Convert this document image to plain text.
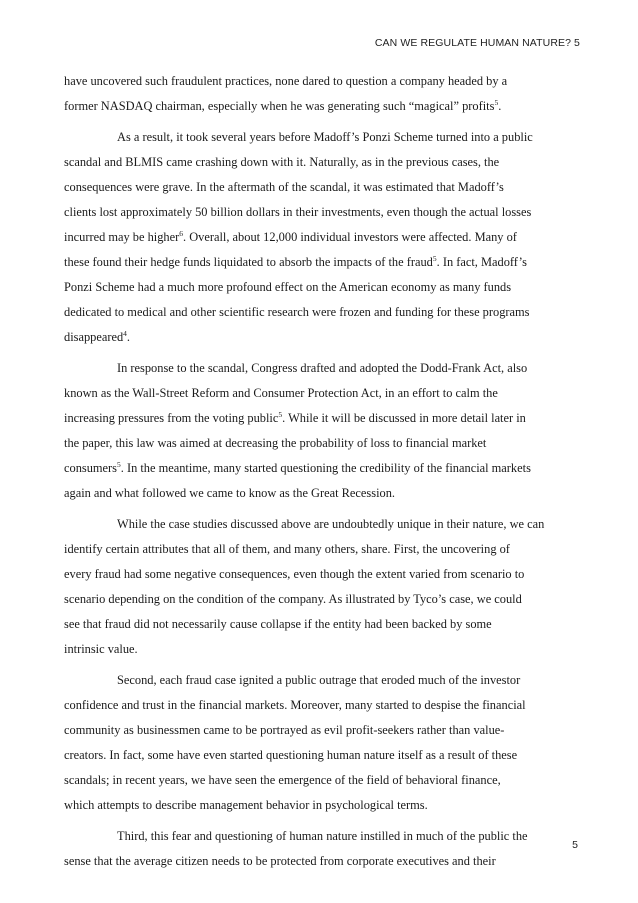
CAN WE REGULATE HUMAN NATURE? 5
have uncovered such fraudulent practices, none dared to question a company headed by a
former NASDAQ chairman, especially when he was generating such “magical” profits$^5$.
As a result, it took several years before Madoff’s Ponzi Scheme turned into a public
scandal and BLMIS came crashing down with it. Naturally, as in the previous cases, the
consequences were grave. In the aftermath of the scandal, it was estimated that Madoff’s
clients lost approximately 50 billion dollars in their investments, even though the actual losses
incurred may be higher$^6$. Overall, about 12,000 individual investors were affected. Many of
these found their hedge funds liquidated to absorb the impacts of the fraud$^5$. In fact, Madoff’s
Ponzi Scheme had a much more profound effect on the American economy as many funds
dedicated to medical and other scientific research were frozen and funding for these programs
disappeared$^4$.
In response to the scandal, Congress drafted and adopted the Dodd-Frank Act, also
known as the Wall-Street Reform and Consumer Protection Act, in an effort to calm the
increasing pressures from the voting public$^5$. While it will be discussed in more detail later in
the paper, this law was aimed at decreasing the probability of loss to financial market
consumers$^5$. In the meantime, many started questioning the credibility of the financial markets
again and what followed we came to know as the Great Recession.
While the case studies discussed above are undoubtedly unique in their nature, we can
identify certain attributes that all of them, and many others, share. First, the uncovering of
every fraud had some negative consequences, even though the extent varied from scenario to
scenario depending on the condition of the company. As illustrated by Tyco’s case, we could
see that fraud did not necessarily cause collapse if the entity had been backed by some
intrinsic value.
Second, each fraud case ignited a public outrage that eroded much of the investor
confidence and trust in the financial markets. Moreover, many started to despise the financial
community as businessmen came to be portrayed as evil profit-seekers rather than value-
creators. In fact, some have even started questioning human nature itself as a result of these
scandals; in recent years, we have seen the emergence of the field of behavioral finance,
which attempts to describe management behavior in psychological terms.
Third, this fear and questioning of human nature instilled in much of the public the
sense that the average citizen needs to be protected from corporate executives and their
5
